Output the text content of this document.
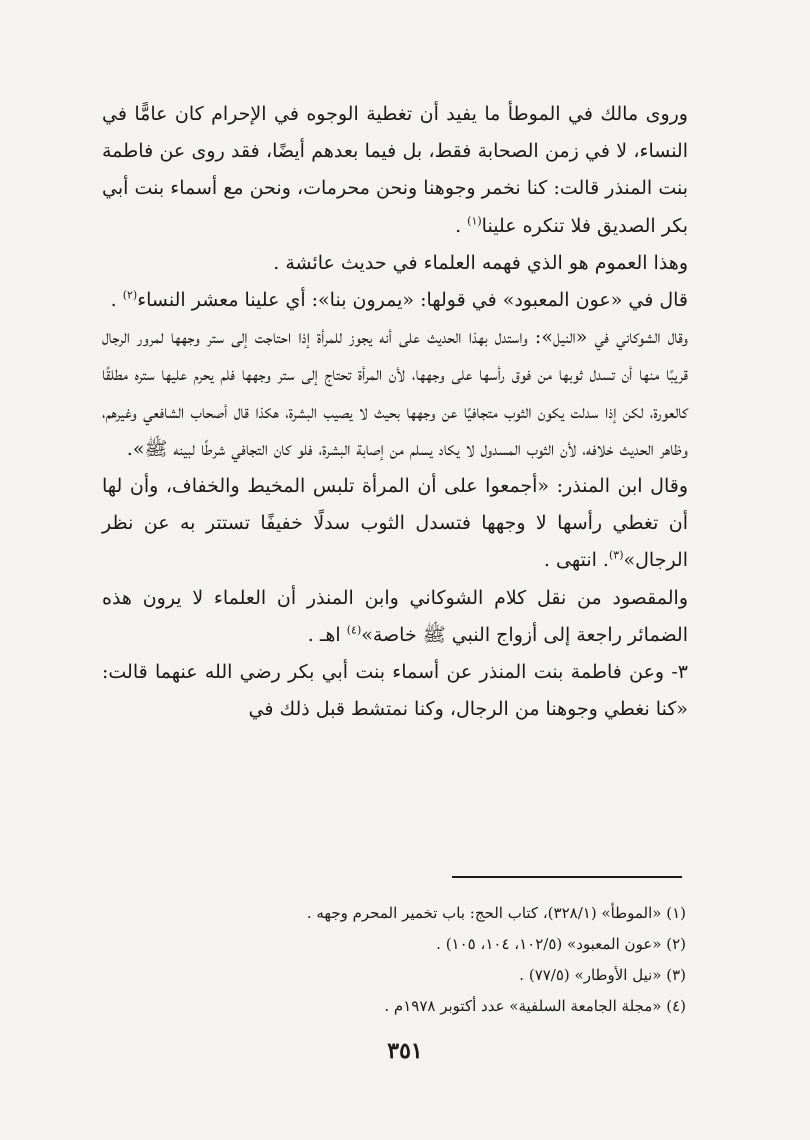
وروى مالك في الموطأ ما يفيد أن تغطية الوجوه في الإحرام كان عامًّا في النساء، لا في زمن الصحابة فقط، بل فيما بعدهم أيضًا، فقد روى عن فاطمة بنت المنذر قالت: كنا نخمر وجوهنا ونحن محرمات، ونحن مع أسماء بنت أبي بكر الصديق فلا تنكره علينا$^{(١)}$ .

وهذا العموم هو الذي فهمه العلماء في حديث عائشة .

قال في «عون المعبود» في قولها: «يمرون بنا»: أي علينا معشر النساء$^{(٢)}$ .

وقال الشوكاني في «النيل»: واستدل بهذا الحديث على أنه يجوز للمرأة إذا احتاجت إلى ستر وجهها لمرور الرجال قريبًا منها أن تسدل ثوبها من فوق رأسها على وجهها، لأن المرأة تحتاج إلى ستر وجهها فلم يحرم عليها ستره مطلقًا كالعورة، لكن إذا سدلت يكون الثوب متجافيًا عن وجهها بحيث لا يصيب البشرة، هكذا قال أصحاب الشافعي وغيرهم، وظاهر الحديث خلافه، لأن الثوب المسدول لا يكاد يسلم من إصابة البشرة، فلو كان التجافي شرطًا لبينه ﷺ».

وقال ابن المنذر: «أجمعوا على أن المرأة تلبس المخيط والخفاف، وأن لها أن تغطي رأسها لا وجهها فتسدل الثوب سدلًا خفيفًا تستتر به عن نظر الرجال»$^{(٣)}$. انتهى .

والمقصود من نقل كلام الشوكاني وابن المنذر أن العلماء لا يرون هذه الضمائر راجعة إلى أزواج النبي ﷺ خاصة»$^{(٤)}$ اهـ .

٣- وعن فاطمة بنت المنذر عن أسماء بنت أبي بكر رضي الله عنهما قالت: «كنا نغطي وجوهنا من الرجال، وكنا نمتشط قبل ذلك في

(١) «الموطأ» (٣٢٨/١)، كتاب الحج: باب تخمير المحرم وجهه .

(٢) «عون المعبود» (١٠٢/٥، ١٠٤، ١٠٥) .

(٣) «نيل الأوطار» (٧٧/٥) .

(٤) «مجلة الجامعة السلفية» عدد أكتوبر ١٩٧٨م .

٣٥١
